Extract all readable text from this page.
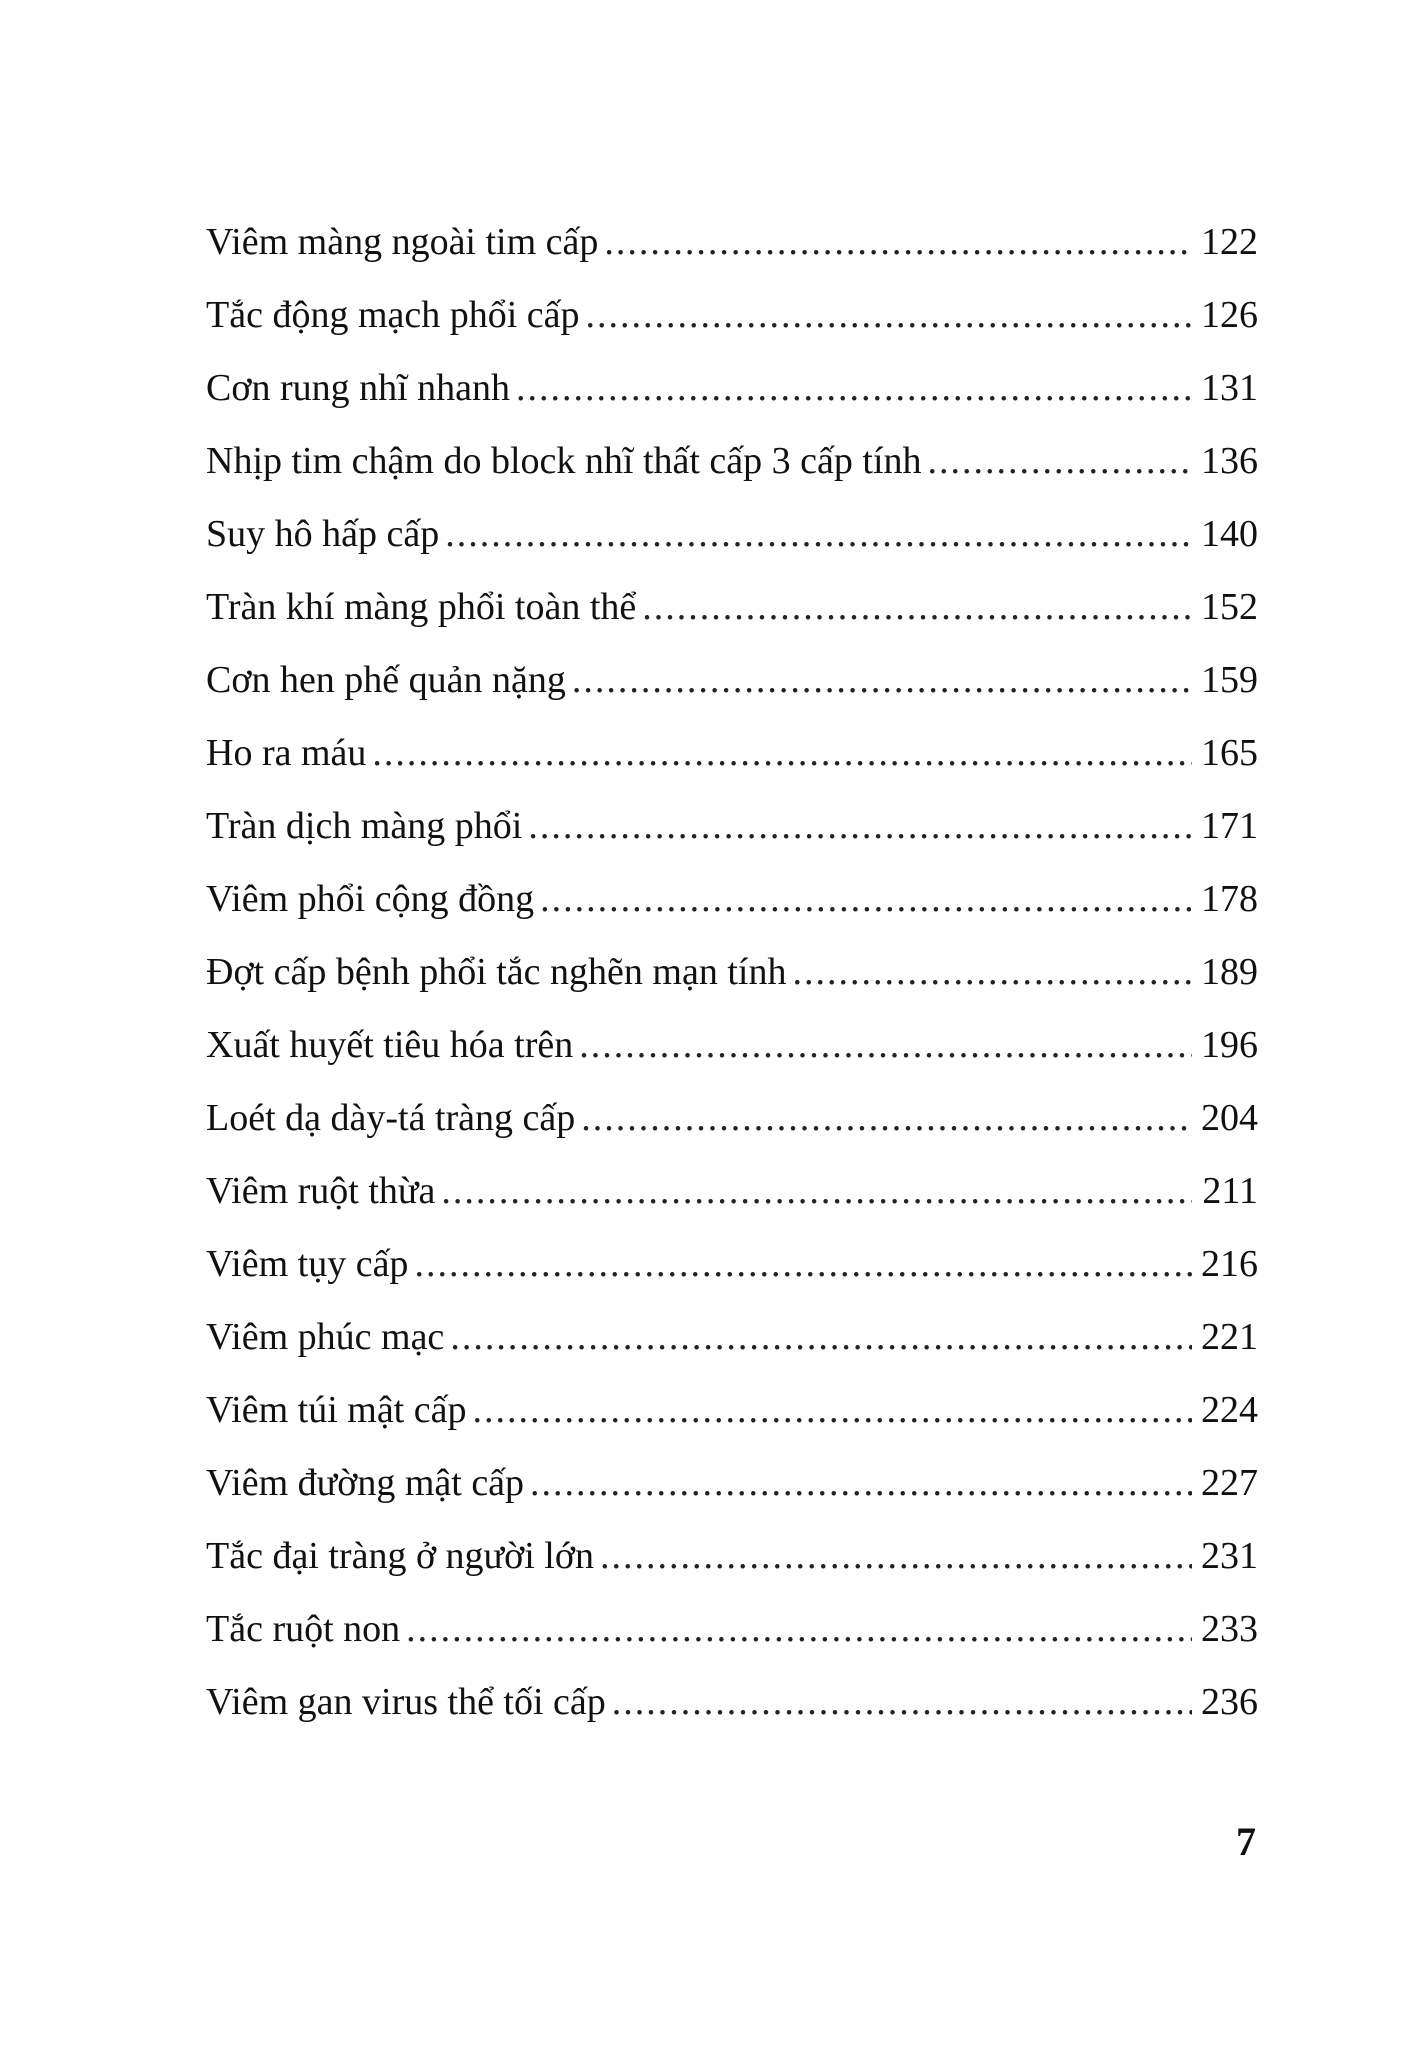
Viêm màng ngoài tim cấp .....	122
Tắc động mạch phổi cấp .....	126
Cơn rung nhĩ nhanh .....	131
Nhịp tim chậm do block nhĩ thất cấp 3 cấp tính .....	136
Suy hô hấp cấp .....	140
Tràn khí màng phổi toàn thể .....	152
Cơn hen phế quản nặng .....	159
Ho ra máu .....	165
Tràn dịch màng phổi .....	171
Viêm phổi cộng đồng .....	178
Đợt cấp bệnh phổi tắc nghẽn mạn tính .....	189
Xuất huyết tiêu hóa trên .....	196
Loét dạ dày-tá tràng cấp .....	204
Viêm ruột thừa .....	211
Viêm tụy cấp .....	216
Viêm phúc mạc .....	221
Viêm túi mật cấp .....	224
Viêm đường mật cấp .....	227
Tắc đại tràng ở người lớn .....	231
Tắc ruột non .....	233
Viêm gan virus thể tối cấp .....	236
7
